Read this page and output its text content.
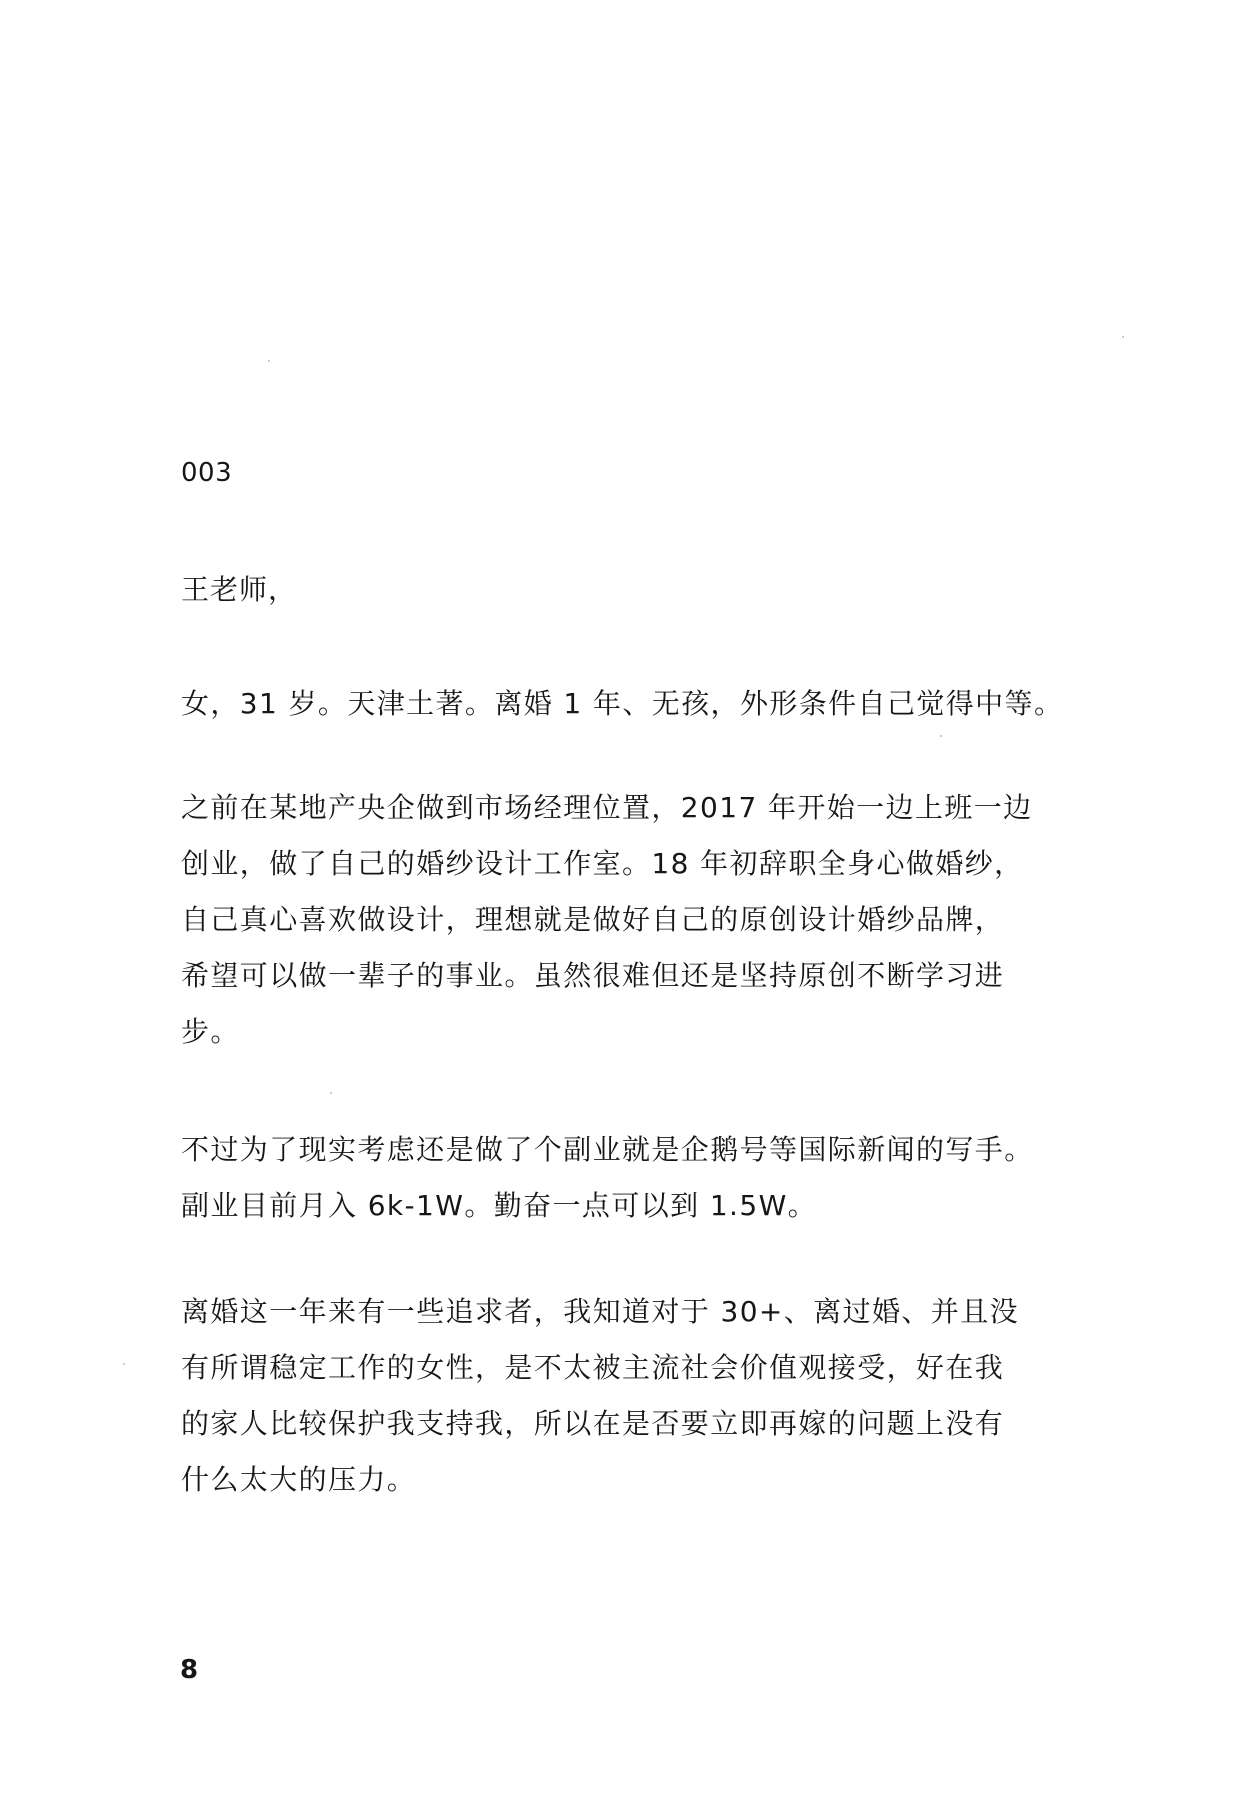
003
王老师，
女，31 岁。天津土著。离婚 1 年、无孩，外形条件自己觉得中等。
之前在某地产央企做到市场经理位置，2017 年开始一边上班一边
创业，做了自己的婚纱设计工作室。18 年初辞职全身心做婚纱，
自己真心喜欢做设计，理想就是做好自己的原创设计婚纱品牌，
希望可以做一辈子的事业。虽然很难但还是坚持原创不断学习进
步。
不过为了现实考虑还是做了个副业就是企鹅号等国际新闻的写手。
副业目前月入 6k-1W。勤奋一点可以到 1.5W。
离婚这一年来有一些追求者，我知道对于 30+、离过婚、并且没
有所谓稳定工作的女性，是不太被主流社会价值观接受，好在我
的家人比较保护我支持我，所以在是否要立即再嫁的问题上没有
什么太大的压力。
8
